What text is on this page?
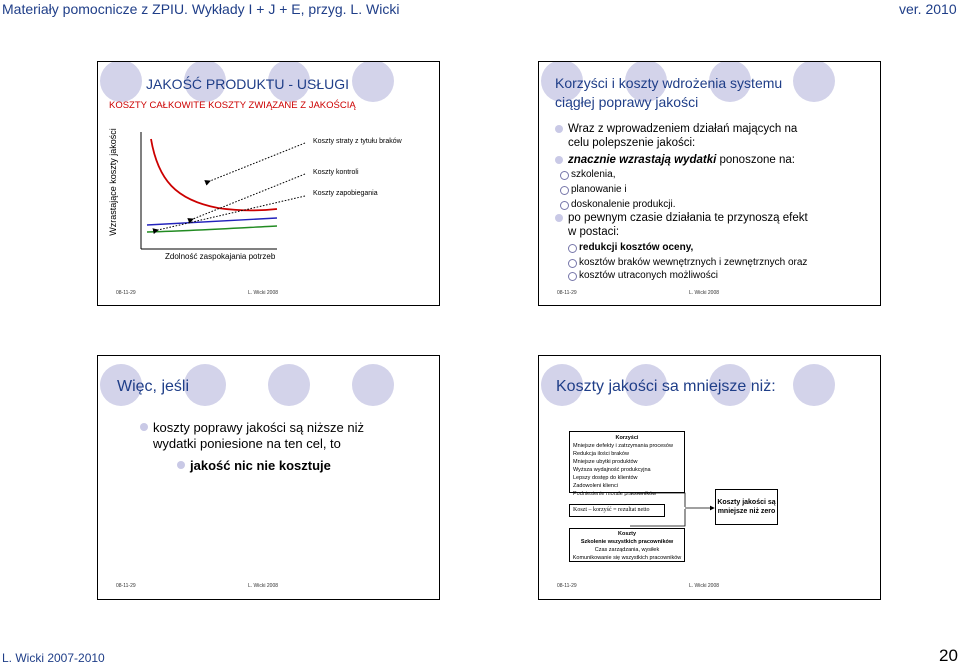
Materiały pomocnicze z ZPIU. Wykłady I + J + E, przyg. L. Wicki	ver. 2010
L. Wicki 2007-2010	20
JAKOŚĆ PRODUKTU - USŁUGI
KOSZTY CAŁKOWITE KOSZTY ZWIĄZANE Z JAKOŚCIĄ
Wzrastające koszty jakości	Koszty straty z tytułu braków
Koszty kontroli
Koszty zapobiegania
Zdolność zaspokajania potrzeb
08-11-29	L. Wicki 2008
Korzyści i koszty wdrożenia systemu
ciągłej poprawy jakości
Wraz z wprowadzeniem działań mających na
celu polepszenie jakości:
znacznie wzrastają wydatki ponoszone na:
szkolenia,
planowanie i
doskonalenie produkcji.
po pewnym czasie działania te przynoszą efekt
w postaci:
redukcji kosztów oceny,
kosztów braków wewnętrznych i zewnętrznych oraz
kosztów utraconych możliwości
08-11-29	L. Wicki 2008
Więc, jeśli
koszty poprawy jakości są niższe niż
wydatki poniesione na ten cel, to
jakość nic nie kosztuje
08-11-29	L. Wicki 2008
Koszty jakości sa mniejsze niż:
Korzyści
Mniejsze defekty i zatrzymania procesów
Redukcja ilości braków
Mniejsze ubytki produktów
Wyższa wydajność produkcyjna
Lepszy dostęp do klientów
Zadowoleni klienci
Podniesienie morale pracowników
Koszt – korzyść = rezultat netto
Koszty jakości są mniejsze niż zero
Koszty
Szkolenie wszystkich pracowników
Czas zarządzania, wysiłek
Komunikowanie się wszystkich pracowników
08-11-29	L. Wicki 2008
